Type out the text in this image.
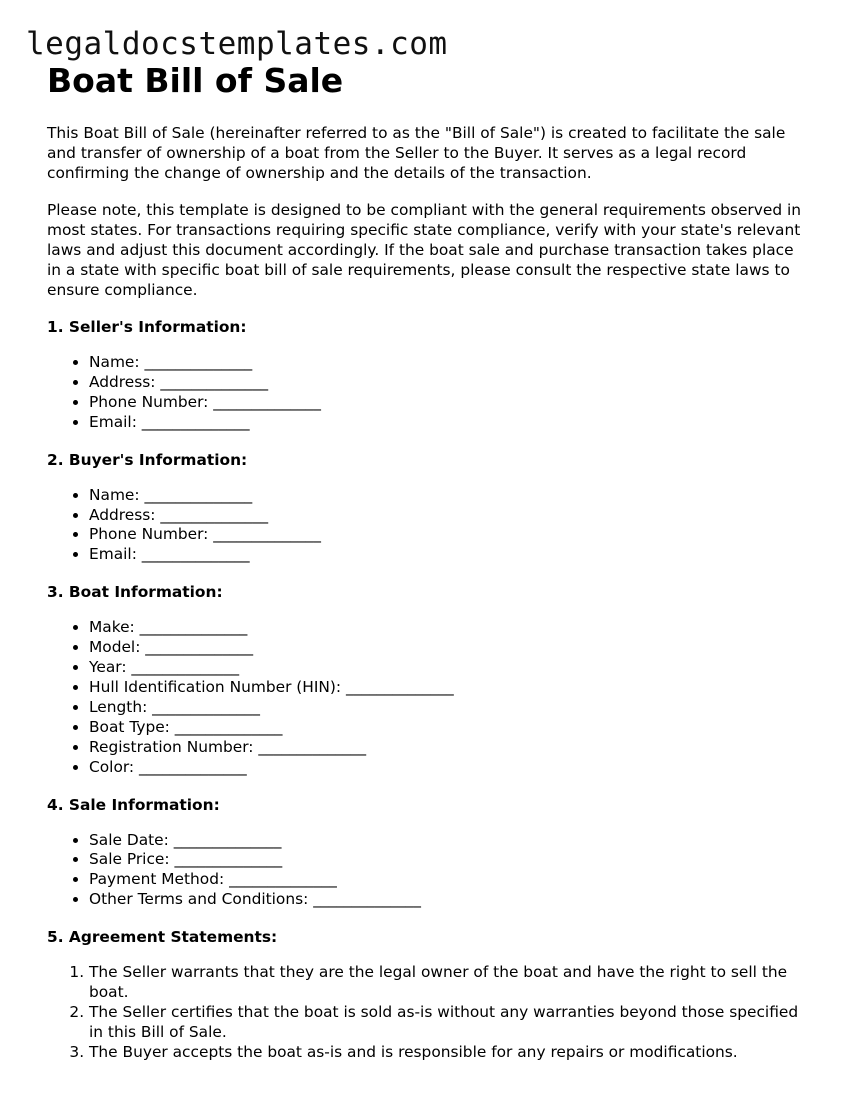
legaldocstemplates.com
Boat Bill of Sale

This Boat Bill of Sale (hereinafter referred to as the "Bill of Sale") is created to facilitate the sale and transfer of ownership of a boat from the Seller to the Buyer. It serves as a legal record confirming the change of ownership and the details of the transaction.

Please note, this template is designed to be compliant with the general requirements observed in most states. For transactions requiring specific state compliance, verify with your state's relevant laws and adjust this document accordingly. If the boat sale and purchase transaction takes place in a state with specific boat bill of sale requirements, please consult the respective state laws to ensure compliance.

1. Seller's Information:
• Name: ______________
• Address: ______________
• Phone Number: ______________
• Email: ______________
2. Buyer's Information:
• Name: ______________
• Address: ______________
• Phone Number: ______________
• Email: ______________
3. Boat Information:
• Make: ______________
• Model: ______________
• Year: ______________
• Hull Identification Number (HIN): ______________
• Length: ______________
• Boat Type: ______________
• Registration Number: ______________
• Color: ______________
4. Sale Information:
• Sale Date: ______________
• Sale Price: ______________
• Payment Method: ______________
• Other Terms and Conditions: ______________
5. Agreement Statements:
1. The Seller warrants that they are the legal owner of the boat and have the right to sell the boat.
2. The Seller certifies that the boat is sold as-is without any warranties beyond those specified in this Bill of Sale.
3. The Buyer accepts the boat as-is and is responsible for any repairs or modifications.
